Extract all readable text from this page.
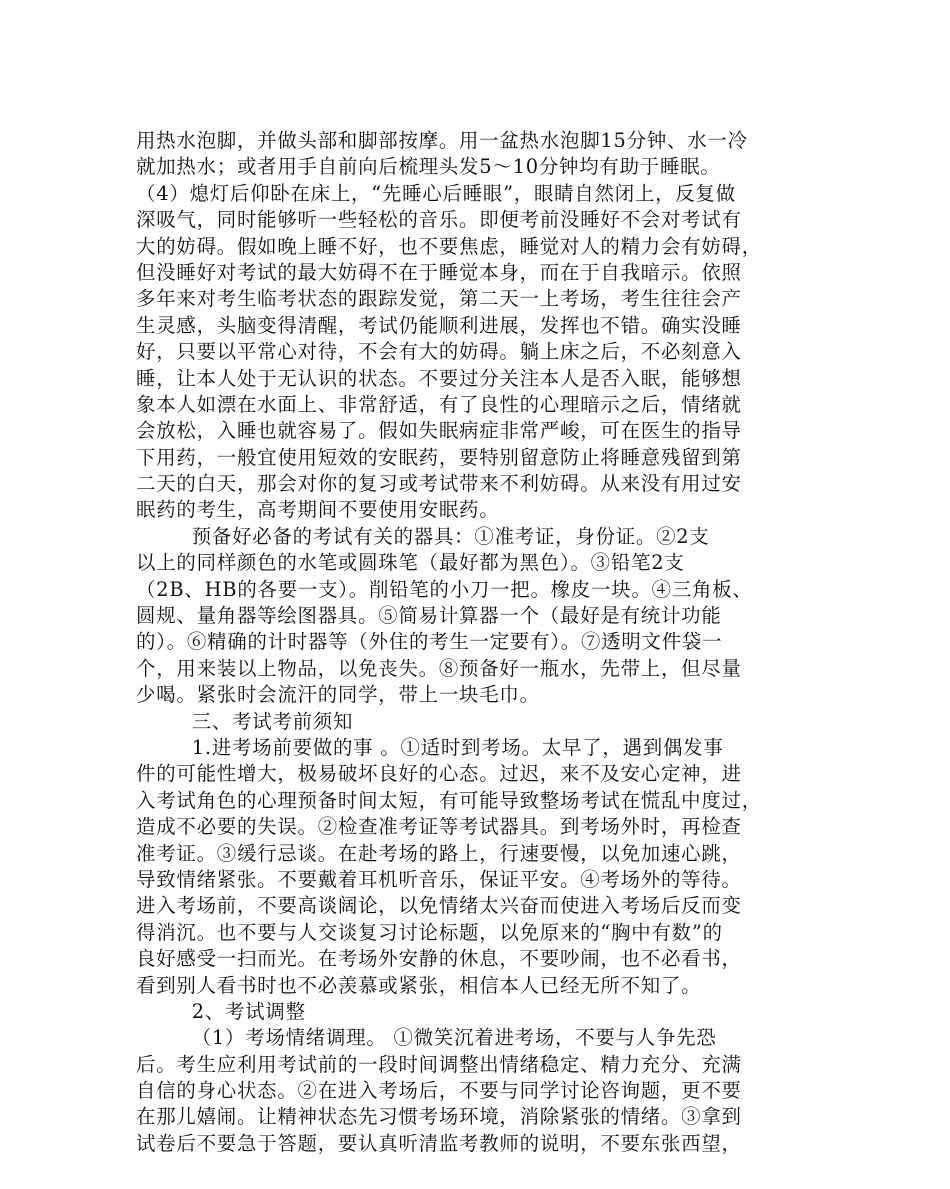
用热水泡脚，并做头部和脚部按摩。用一盆热水泡脚15分钟、水一冷
就加热水；或者用手自前向后梳理头发5～10分钟均有助于睡眠。
（4）熄灯后仰卧在床上，“先睡心后睡眼”，眼睛自然闭上，反复做
深吸气，同时能够听一些轻松的音乐。即便考前没睡好不会对考试有
大的妨碍。假如晚上睡不好，也不要焦虑，睡觉对人的精力会有妨碍，
但没睡好对考试的最大妨碍不在于睡觉本身，而在于自我暗示。依照
多年来对考生临考状态的跟踪发觉，第二天一上考场，考生往往会产
生灵感，头脑变得清醒，考试仍能顺利进展，发挥也不错。确实没睡
好，只要以平常心对待，不会有大的妨碍。躺上床之后，不必刻意入
睡，让本人处于无认识的状态。不要过分关注本人是否入眠，能够想
象本人如漂在水面上、非常舒适，有了良性的心理暗示之后，情绪就
会放松，入睡也就容易了。假如失眠病症非常严峻，可在医生的指导
下用药，一般宜使用短效的安眠药，要特别留意防止将睡意残留到第
二天的白天，那会对你的复习或考试带来不利妨碍。从来没有用过安
眠药的考生，高考期间不要使用安眠药。
预备好必备的考试有关的器具：①准考证，身份证。②2支
以上的同样颜色的水笔或圆珠笔（最好都为黑色）。③铅笔2支
（2B、HB的各要一支）。削铅笔的小刀一把。橡皮一块。④三角板、
圆规、量角器等绘图器具。⑤简易计算器一个（最好是有统计功能
的）。⑥精确的计时器等（外住的考生一定要有）。⑦透明文件袋一
个，用来装以上物品，以免丧失。⑧预备好一瓶水，先带上，但尽量
少喝。紧张时会流汗的同学，带上一块毛巾。
三、考试考前须知
1.进考场前要做的事 。①适时到考场。太早了，遇到偶发事
件的可能性增大，极易破坏良好的心态。过迟，来不及安心定神，进
入考试角色的心理预备时间太短，有可能导致整场考试在慌乱中度过，
造成不必要的失误。②检查准考证等考试器具。到考场外时，再检查
准考证。③缓行忌谈。在赴考场的路上，行速要慢，以免加速心跳，
导致情绪紧张。不要戴着耳机听音乐，保证平安。④考场外的等待。
进入考场前，不要高谈阔论，以免情绪太兴奋而使进入考场后反而变
得消沉。也不要与人交谈复习讨论标题，以免原来的“胸中有数”的
良好感受一扫而光。在考场外安静的休息，不要吵闹，也不必看书，
看到别人看书时也不必羡慕或紧张，相信本人已经无所不知了。
2、考试调整
（1）考场情绪调理。 ①微笑沉着进考场，不要与人争先恐
后。考生应利用考试前的一段时间调整出情绪稳定、精力充分、充满
自信的身心状态。②在进入考场后，不要与同学讨论咨询题，更不要
在那儿嬉闹。让精神状态先习惯考场环境，消除紧张的情绪。③拿到
试卷后不要急于答题，要认真听清监考教师的说明，不要东张西望，
